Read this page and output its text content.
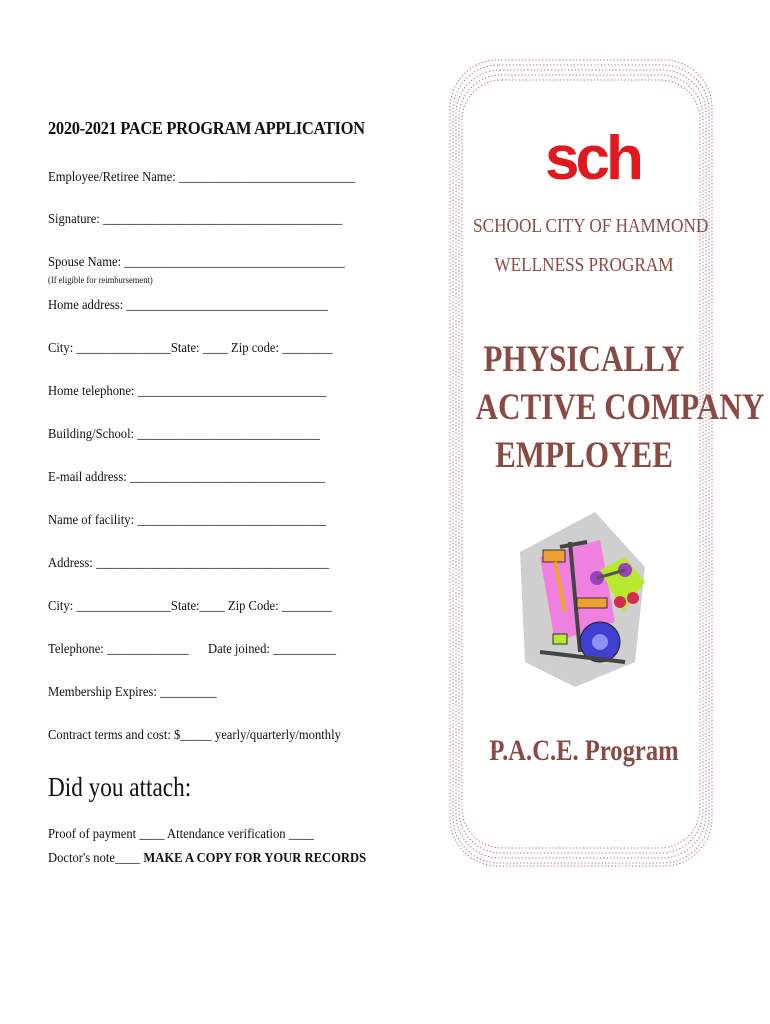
2020-2021 PACE PROGRAM APPLICATION
Employee/Retiree Name: ____________________________
Signature: ______________________________________
Spouse Name: ___________________________________
(If eligible for reimbursement)
Home address: ________________________________
City: _______________State: ____ Zip code: ________
Home telephone: ______________________________
Building/School: _____________________________
E-mail address: _______________________________
Name of facility: ______________________________
Address: _____________________________________
City: _______________State:____ Zip Code: ________
Telephone: _____________ Date joined: __________
Membership Expires: _________
Contract terms and cost: $_____ yearly/quarterly/monthly
Did you attach:
Proof of payment ____ Attendance verification ____
Doctor's note____ MAKE A COPY FOR YOUR RECORDS
sch
SCHOOL CITY OF HAMMOND
WELLNESS PROGRAM
PHYSICALLY
ACTIVE COMPANY
EMPLOYEE
P.A.C.E. Program
